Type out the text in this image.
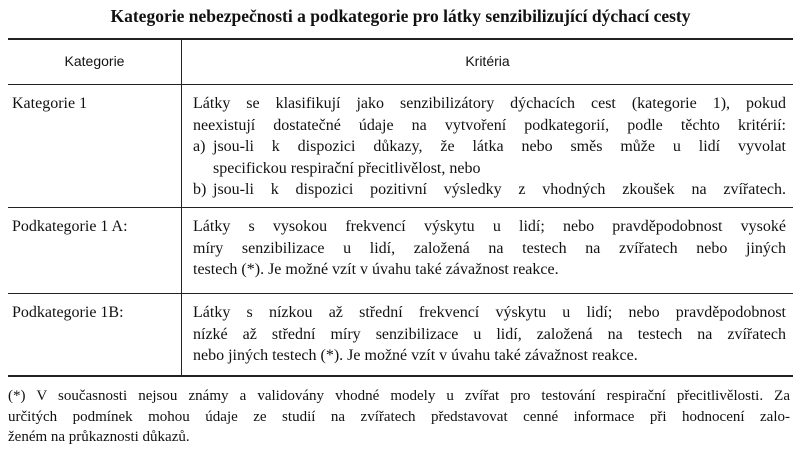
Kategorie nebezpečnosti a podkategorie pro látky senzibilizující dýchací cesty
Kategorie	Kritéria
Kategorie 1	Látky se klasifikují jako senzibilizátory dýchacích cest (kategorie 1), pokud
neexistují dostatečné údaje na vytvoření podkategorií, podle těchto kritérií:
a) jsou-li k dispozici důkazy, že látka nebo směs může u lidí vyvolat
specifickou respirační přecitlivělost, nebo
b) jsou-li k dispozici pozitivní výsledky z vhodných zkoušek na zvířatech.
Podkategorie 1 A:	Látky s vysokou frekvencí výskytu u lidí; nebo pravděpodobnost vysoké
míry senzibilizace u lidí, založená na testech na zvířatech nebo jiných
testech (*). Je možné vzít v úvahu také závažnost reakce.
Podkategorie 1B:	Látky s nízkou až střední frekvencí výskytu u lidí; nebo pravděpodobnost
nízké až střední míry senzibilizace u lidí, založená na testech na zvířatech
nebo jiných testech (*). Je možné vzít v úvahu také závažnost reakce.
(*) V současnosti nejsou známy a validovány vhodné modely u zvířat pro testování respirační přecitlivělosti. Za
určitých podmínek mohou údaje ze studií na zvířatech představovat cenné informace při hodnocení zalo-
ženém na průkaznosti důkazů.
